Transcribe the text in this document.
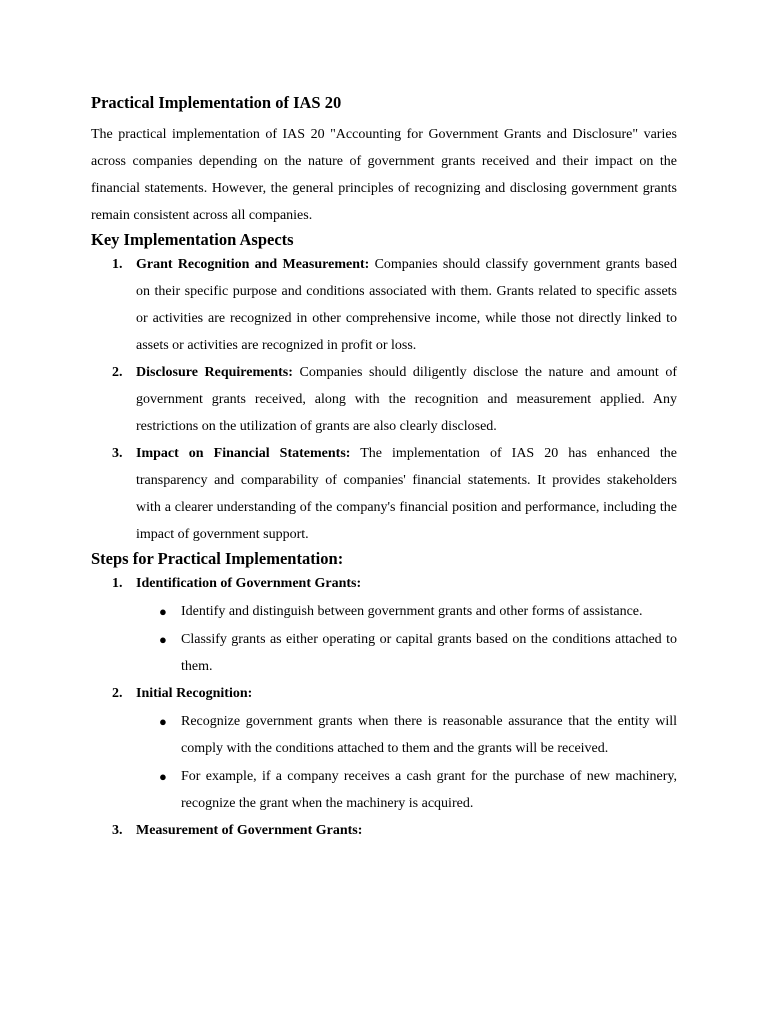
Practical Implementation of IAS 20

The practical implementation of IAS 20 "Accounting for Government Grants and Disclosure" varies across companies depending on the nature of government grants received and their impact on the financial statements. However, the general principles of recognizing and disclosing government grants remain consistent across all companies.

Key Implementation Aspects
1. Grant Recognition and Measurement: Companies should classify government grants based on their specific purpose and conditions associated with them. Grants related to specific assets or activities are recognized in other comprehensive income, while those not directly linked to assets or activities are recognized in profit or loss.
2. Disclosure Requirements: Companies should diligently disclose the nature and amount of government grants received, along with the recognition and measurement applied. Any restrictions on the utilization of grants are also clearly disclosed.
3. Impact on Financial Statements: The implementation of IAS 20 has enhanced the transparency and comparability of companies' financial statements. It provides stakeholders with a clearer understanding of the company's financial position and performance, including the impact of government support.
Steps for Practical Implementation:
1. Identification of Government Grants:
● Identify and distinguish between government grants and other forms of assistance.
● Classify grants as either operating or capital grants based on the conditions attached to them.
2. Initial Recognition:
● Recognize government grants when there is reasonable assurance that the entity will comply with the conditions attached to them and the grants will be received.
● For example, if a company receives a cash grant for the purchase of new machinery, recognize the grant when the machinery is acquired.
3. Measurement of Government Grants:
